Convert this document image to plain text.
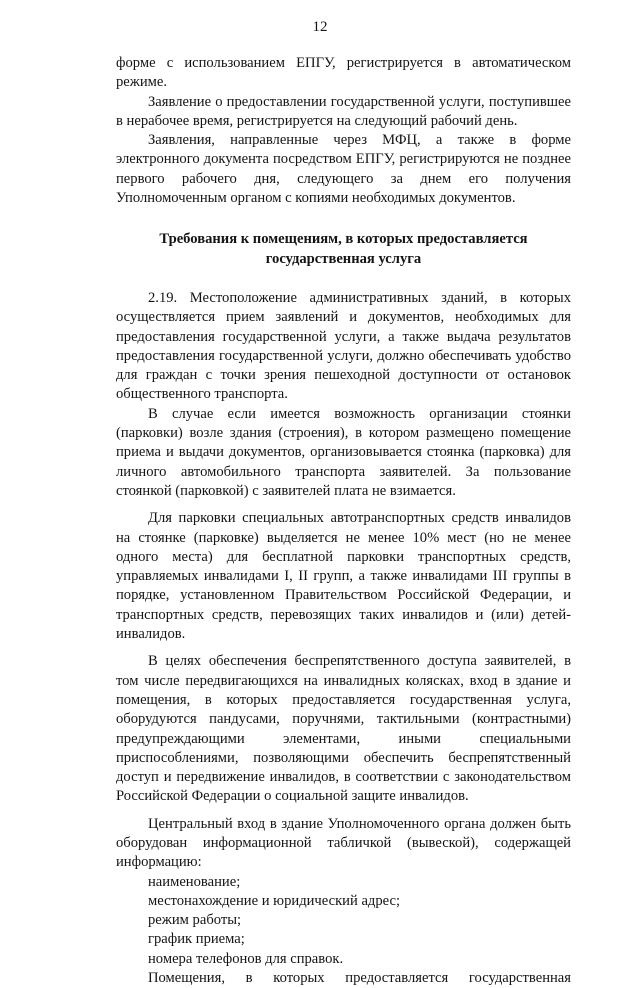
12

форме с использованием ЕПГУ, регистрируется в автоматическом режиме.

Заявление о предоставлении государственной услуги, поступившее в нерабочее время, регистрируется на следующий рабочий день.

Заявления, направленные через МФЦ, а также в форме электронного документа посредством ЕПГУ, регистрируются не позднее первого рабочего дня, следующего за днем его получения Уполномоченным органом с копиями необходимых документов.

Требования к помещениям, в которых предоставляется государственная услуга

2.19. Местоположение административных зданий, в которых осуществляется прием заявлений и документов, необходимых для предоставления государственной услуги, а также выдача результатов предоставления государственной услуги, должно обеспечивать удобство для граждан с точки зрения пешеходной доступности от остановок общественного транспорта.

В случае если имеется возможность организации стоянки (парковки) возле здания (строения), в котором размещено помещение приема и выдачи документов, организовывается стоянка (парковка) для личного автомобильного транспорта заявителей. За пользование стоянкой (парковкой) с заявителей плата не взимается.

Для парковки специальных автотранспортных средств инвалидов на стоянке (парковке) выделяется не менее 10% мест (но не менее одного места) для бесплатной парковки транспортных средств, управляемых инвалидами I, II групп, а также инвалидами III группы в порядке, установленном Правительством Российской Федерации, и транспортных средств, перевозящих таких инвалидов и (или) детей-инвалидов.

В целях обеспечения беспрепятственного доступа заявителей, в том числе передвигающихся на инвалидных колясках, вход в здание и помещения, в которых предоставляется государственная услуга, оборудуются пандусами, поручнями, тактильными (контрастными) предупреждающими элементами, иными специальными приспособлениями, позволяющими обеспечить беспрепятственный доступ и передвижение инвалидов, в соответствии с законодательством Российской Федерации о социальной защите инвалидов.

Центральный вход в здание Уполномоченного органа должен быть оборудован информационной табличкой (вывеской), содержащей информацию:

наименование;

местонахождение и юридический адрес;

режим работы;

график приема;

номера телефонов для справок.

Помещения, в которых предоставляется государственная
